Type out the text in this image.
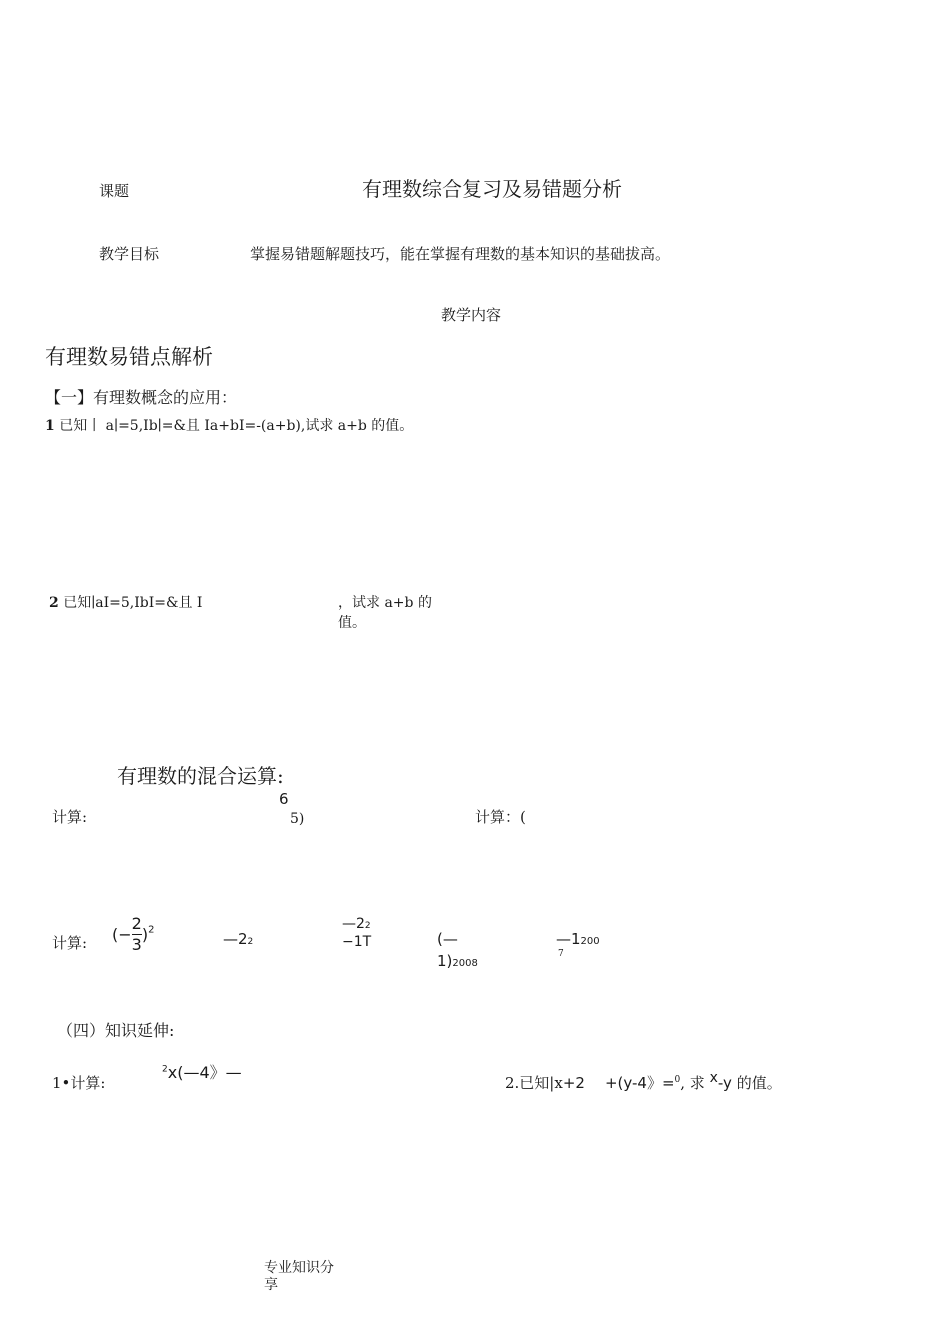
课题	有理数综合复习及易错题分析
教学目标	掌握易错题解题技巧，能在掌握有理数的基本知识的基础拔高。
教学内容
有理数易错点解析
【一】有理数概念的应用：
1 已知丨 a∣=5,Ib∣=&且 Ia+bI=-(a+b),试求 a+b 的值。
2 已知∣aI=5,IbI=&且 I	，试求 a+b 的
值。
有理数的混合运算:
计算:
6
5)	计算：(
计算: (− $\frac{2}{3} )^2$	—22
—22
−1T	(—
1)2008
—1200
7
（四）知识延伸:
1•计算:
$^2$x(—4》—
2.已知|x+2 +(y-4》=$^0$, 求 $^x$-y 的值。
专业知识分
享
